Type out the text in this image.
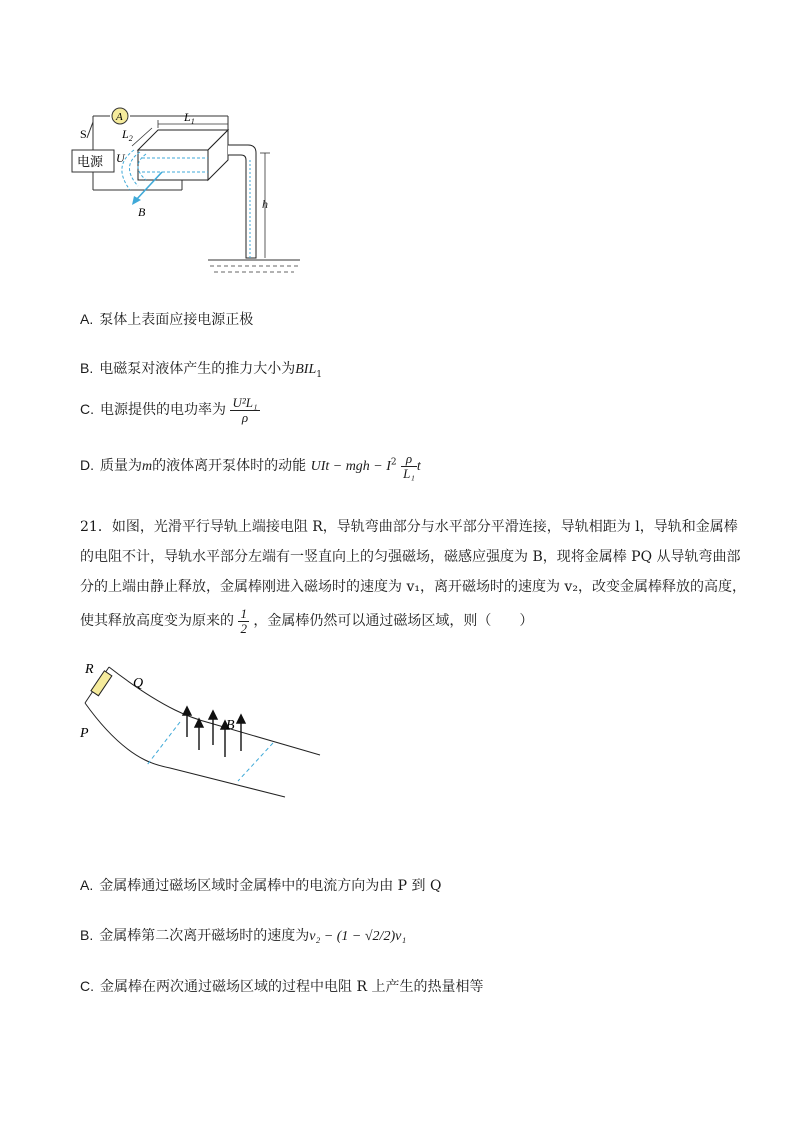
A
S
电源
$L_1$
$L_2$
U
B
h
A. 泵体上表面应接电源正极
B. 电磁泵对液体产生的推力大小为$BIL_1$
C. 电源提供的电功率为 $\frac{\text{U²L₁}}{\rho}$
D. 质量为m的液体离开泵体时的动能 UIt − mgh − $I^2 \frac{\rho}{\text{L₁}}$ t
21．如图，光滑平行导轨上端接电阻 R，导轨弯曲部分与水平部分平滑连接，导轨相距为 l，导轨和金属棒
的电阻不计，导轨水平部分左端有一竖直向上的匀强磁场，磁感应强度为 B，现将金属棒 PQ 从导轨弯曲部
分的上端由静止释放，金属棒刚进入磁场时的速度为 v₁，离开磁场时的速度为 v₂，改变金属棒释放的高度，
使其释放高度变为原来的 $\frac{1}{2}$ ，金属棒仍然可以通过磁场区域，则（　　）
R
Q
P
B
A. 金属棒通过磁场区域时金属棒中的电流方向为由 P 到 Q
B. 金属棒第二次离开磁场时的速度为v₂ − (1 − √2/2)v₁
C. 金属棒在两次通过磁场区域的过程中电阻 R 上产生的热量相等
